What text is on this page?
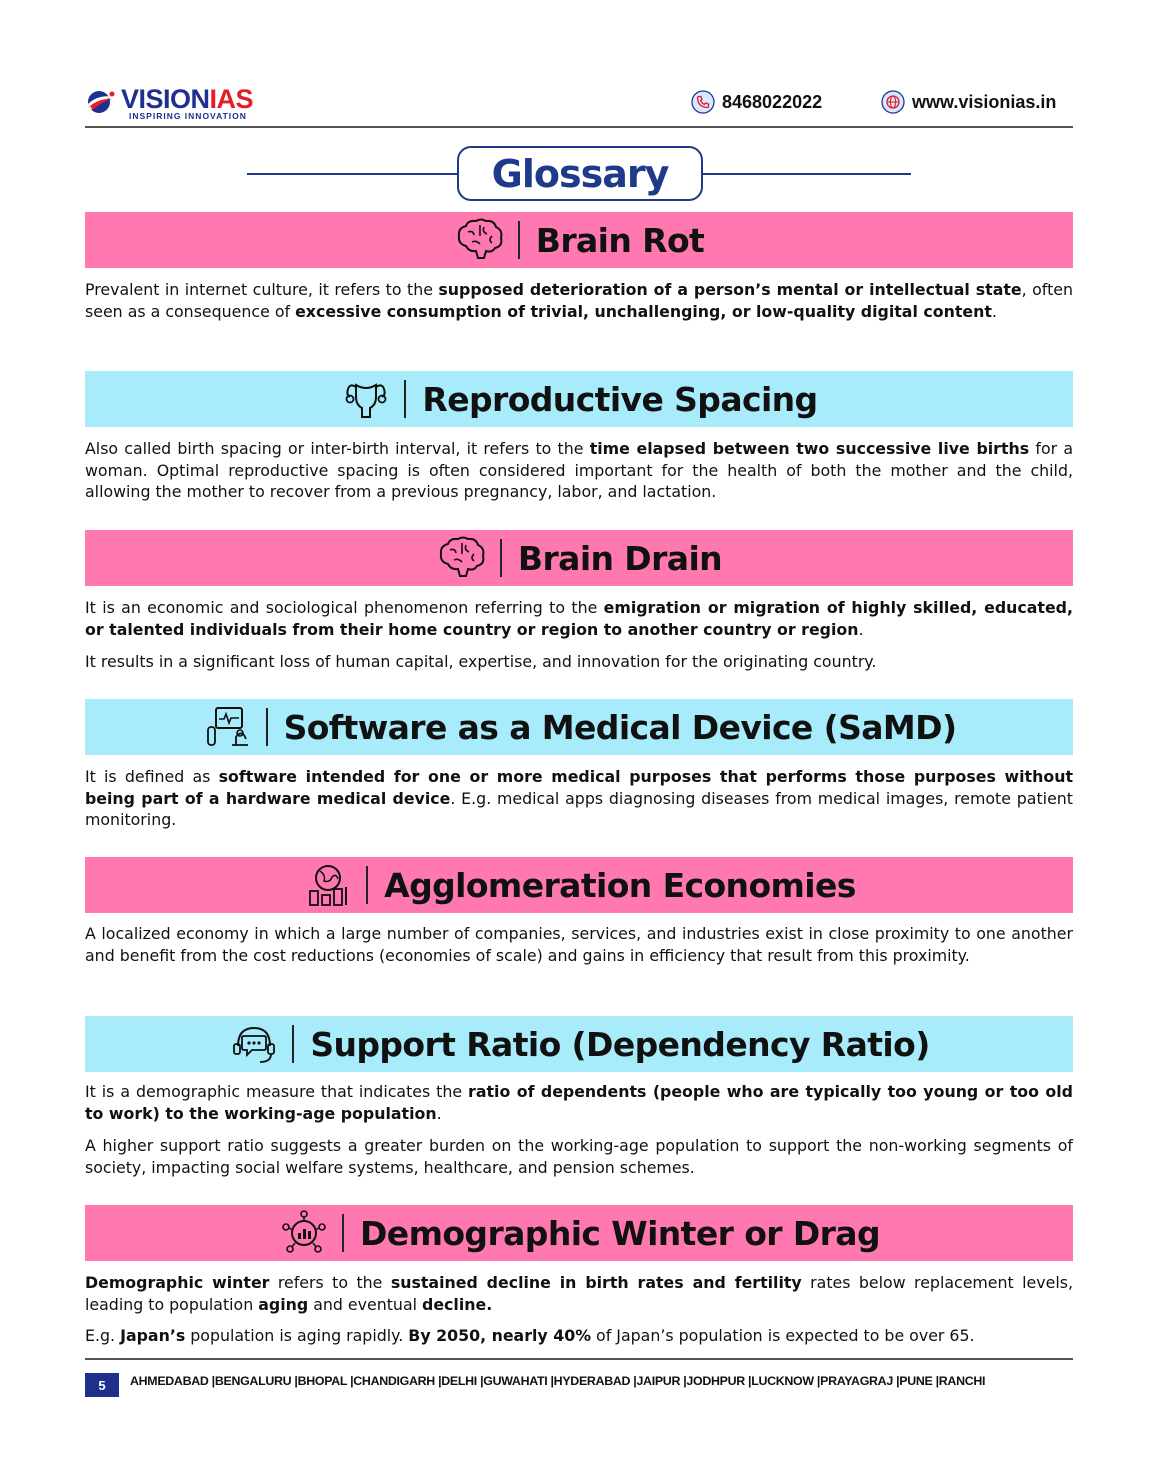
VISIONIAS
INSPIRING INNOVATION
8468022022	www.visionias.in
Glossary
Brain Rot

Prevalent in internet culture, it refers to the supposed deterioration of a person’s mental or intellectual state, often seen as a consequence of excessive consumption of trivial, unchallenging, or low-quality digital content.

Reproductive Spacing

Also called birth spacing or inter-birth interval, it refers to the time elapsed between two successive live births for a woman. Optimal reproductive spacing is often considered important for the health of both the mother and the child, allowing the mother to recover from a previous pregnancy, labor, and lactation.

Brain Drain

It is an economic and sociological phenomenon referring to the emigration or migration of highly skilled, educated, or talented individuals from their home country or region to another country or region.

It results in a significant loss of human capital, expertise, and innovation for the originating country.

Software as a Medical Device (SaMD)

It is defined as software intended for one or more medical purposes that performs those purposes without being part of a hardware medical device. E.g. medical apps diagnosing diseases from medical images, remote patient monitoring.

Agglomeration Economies

A localized economy in which a large number of companies, services, and industries exist in close proximity to one another and benefit from the cost reductions (economies of scale) and gains in efficiency that result from this proximity.

Support Ratio (Dependency Ratio)

It is a demographic measure that indicates the ratio of dependents (people who are typically too young or too old to work) to the working-age population.

A higher support ratio suggests a greater burden on the working-age population to support the non-working segments of society, impacting social welfare systems, healthcare, and pension schemes.

Demographic Winter or Drag

Demographic winter refers to the sustained decline in birth rates and fertility rates below replacement levels, leading to population aging and eventual decline.

E.g. Japan’s population is aging rapidly. By 2050, nearly 40% of Japan’s population is expected to be over 65.

5	AHMEDABAD |BENGALURU |BHOPAL |CHANDIGARH |DELHI |GUWAHATI |HYDERABAD |JAIPUR |JODHPUR |LUCKNOW |PRAYAGRAJ |PUNE |RANCHI
